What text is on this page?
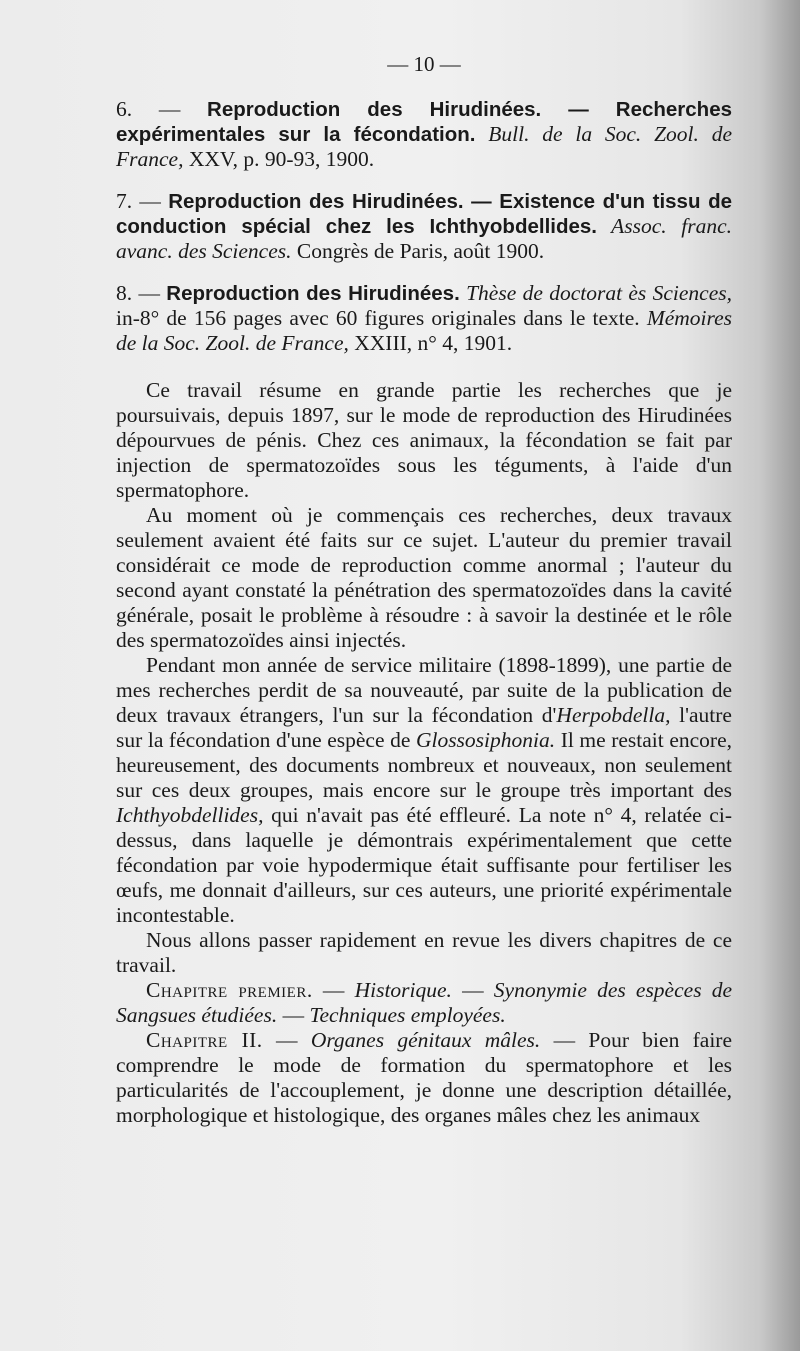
— 10 —
6. — Reproduction des Hirudinées. — Recherches expérimentales sur la fécondation. Bull. de la Soc. Zool. de France, XXV, p. 90-93, 1900.
7. — Reproduction des Hirudinées. — Existence d'un tissu de conduction spécial chez les Ichthyobdellides. Assoc. franc. avanc. des Sciences. Congrès de Paris, août 1900.
8. — Reproduction des Hirudinées. Thèse de doctorat ès Sciences, in-8° de 156 pages avec 60 figures originales dans le texte. Mémoires de la Soc. Zool. de France, XXIII, n° 4, 1901.

Ce travail résume en grande partie les recherches que je poursuivais, depuis 1897, sur le mode de reproduction des Hirudinées dépourvues de pénis. Chez ces animaux, la fécondation se fait par injection de spermatozoïdes sous les téguments, à l'aide d'un spermatophore.

Au moment où je commençais ces recherches, deux travaux seulement avaient été faits sur ce sujet. L'auteur du premier travail considérait ce mode de reproduction comme anormal ; l'auteur du second ayant constaté la pénétration des spermatozoïdes dans la cavité générale, posait le problème à résoudre : à savoir la destinée et le rôle des spermatozoïdes ainsi injectés.

Pendant mon année de service militaire (1898-1899), une partie de mes recherches perdit de sa nouveauté, par suite de la publication de deux travaux étrangers, l'un sur la fécondation d'Herpobdella, l'autre sur la fécondation d'une espèce de Glossosiphonia. Il me restait encore, heureusement, des documents nombreux et nouveaux, non seulement sur ces deux groupes, mais encore sur le groupe très important des Ichthyobdellides, qui n'avait pas été effleuré. La note n° 4, relatée ci-dessus, dans laquelle je démontrais expérimentalement que cette fécondation par voie hypodermique était suffisante pour fertiliser les œufs, me donnait d'ailleurs, sur ces auteurs, une priorité expérimentale incontestable.

Nous allons passer rapidement en revue les divers chapitres de ce travail.

Chapitre premier. — Historique. — Synonymie des espèces de Sangsues étudiées. — Techniques employées.

Chapitre II. — Organes génitaux mâles. — Pour bien faire comprendre le mode de formation du spermatophore et les particularités de l'accouplement, je donne une description détaillée, morphologique et histologique, des organes mâles chez les animaux
